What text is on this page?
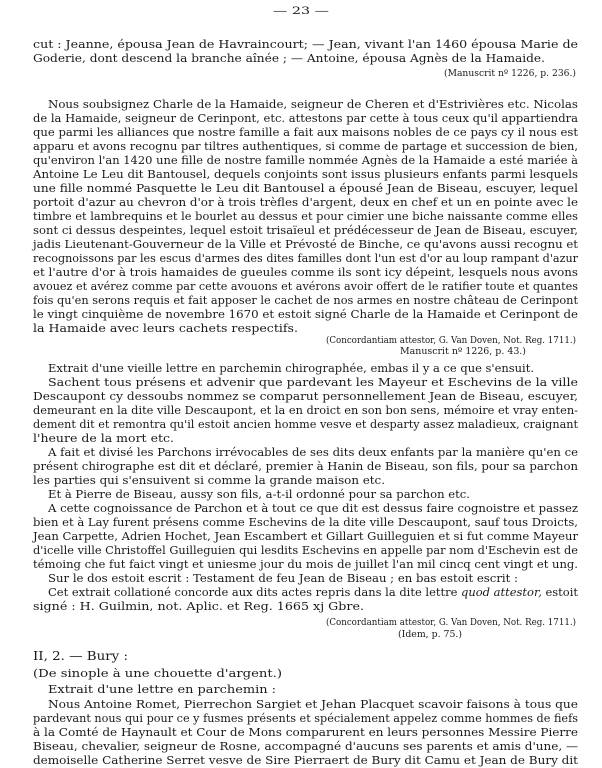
— 23 —
cut : Jeanne, épousa Jean de Havraincourt; — Jean, vivant l'an 1460 épousa Marie de
Goderie, dont descend la branche aînée ; — Antoine, épousa Agnès de la Hamaide.
(Manuscrit nº 1226, p. 236.)
Nous soubsignez Charle de la Hamaide, seigneur de Cheren et d'Estrivières etc. Nicolas
de la Hamaide, seigneur de Cerinpont, etc. attestons par cette à tous ceux qu'il appartiendra
que parmi les alliances que nostre famille a fait aux maisons nobles de ce pays cy il nous est
apparu et avons recognu par tiltres authentiques, si comme de partage et succession de bien,
qu'environ l'an 1420 une fille de nostre famille nommée Agnès de la Hamaide a esté mariée à
Antoine Le Leu dit Bantousel, dequels conjoints sont issus plusieurs enfants parmi lesquels
une fille nommé Pasquette le Leu dit Bantousel a épousé Jean de Biseau, escuyer, lequel
portoit d'azur au chevron d'or à trois trèfles d'argent, deux en chef et un en pointe avec le
timbre et lambrequins et le bourlet au dessus et pour cimier une biche naissante comme elles
sont ci dessus despeintes, lequel estoit trisaïeul et prédécesseur de Jean de Biseau, escuyer,
jadis Lieutenant-Gouverneur de la Ville et Prévosté de Binche, ce qu'avons aussi recognu et
recognoissons par les escus d'armes des dites familles dont l'un est d'or au loup rampant d'azur
et l'autre d'or à trois hamaides de gueules comme ils sont icy dépeint, lesquels nous avons
avouez et avérez comme par cette avouons et avérons avoir offert de le ratifier toute et quantes
fois qu'en serons requis et fait apposer le cachet de nos armes en nostre château de Cerinpont
le vingt cinquième de novembre 1670 et estoit signé Charle de la Hamaide et Cerinpont de
la Hamaide avec leurs cachets respectifs.
(Concordantiam attestor, G. Van Doven, Not. Reg. 1711.)
Manuscrit nº 1226, p. 43.)
Extrait d'une vieille lettre en parchemin chirographée, embas il y a ce que s'ensuit.
Sachent tous présens et advenir que pardevant les Mayeur et Eschevins de la ville
Descaupont cy dessoubs nommez se comparut personnellement Jean de Biseau, escuyer,
demeurant en la dite ville Descaupont, et la en droict en son bon sens, mémoire et vray enten-
dement dit et remontra qu'il estoit ancien homme vesve et desparty assez maladieux, craignant
l'heure de la mort etc.
A fait et divisé les Parchons irrévocables de ses dits deux enfants par la manière qu'en ce
présent chirographe est dit et déclaré, premier à Hanin de Biseau, son fils, pour sa parchon
les parties qui s'ensuivent si comme la grande maison etc.
Et à Pierre de Biseau, aussy son fils, a-t-il ordonné pour sa parchon etc.
A cette cognoissance de Parchon et à tout ce que dit est dessus faire cognoistre et passez
bien et à Lay furent présens comme Eschevins de la dite ville Descaupont, sauf tous Droicts,
Jean Carpette, Adrien Hochet, Jean Escambert et Gillart Guilleguien et si fut comme Mayeur
d'icelle ville Christoffel Guilleguien qui lesdits Eschevins en appelle par nom d'Eschevin est de
témoing che fut faict vingt et uniesme jour du mois de juillet l'an mil cincq cent vingt et ung.
Sur le dos estoit escrit : Testament de feu Jean de Biseau ; en bas estoit escrit :
Cet extrait collationé concorde aux dits actes repris dans la dite lettre quod attestor, estoit
signé : H. Guilmin, not. Aplic. et Reg. 1665 xj Gbre.
(Concordantiam attestor, G. Van Doven, Not. Reg. 1711.)
(Idem, p. 75.)
II, 2. — Bury :
(De sinople à une chouette d'argent.)
Extrait d'une lettre en parchemin :
Nous Antoine Romet, Pierrechon Sargiet et Jehan Placquet scavoir faisons à tous que
pardevant nous qui pour ce y fusmes présents et spécialement appelez comme hommes de fiefs
à la Comté de Haynault et Cour de Mons comparurent en leurs personnes Messire Pierre
Biseau, chevalier, seigneur de Rosne, accompagné d'aucuns ses parents et amis d'une, —
demoiselle Catherine Serret vesve de Sire Pierraert de Bury dit Camu et Jean de Bury dit
